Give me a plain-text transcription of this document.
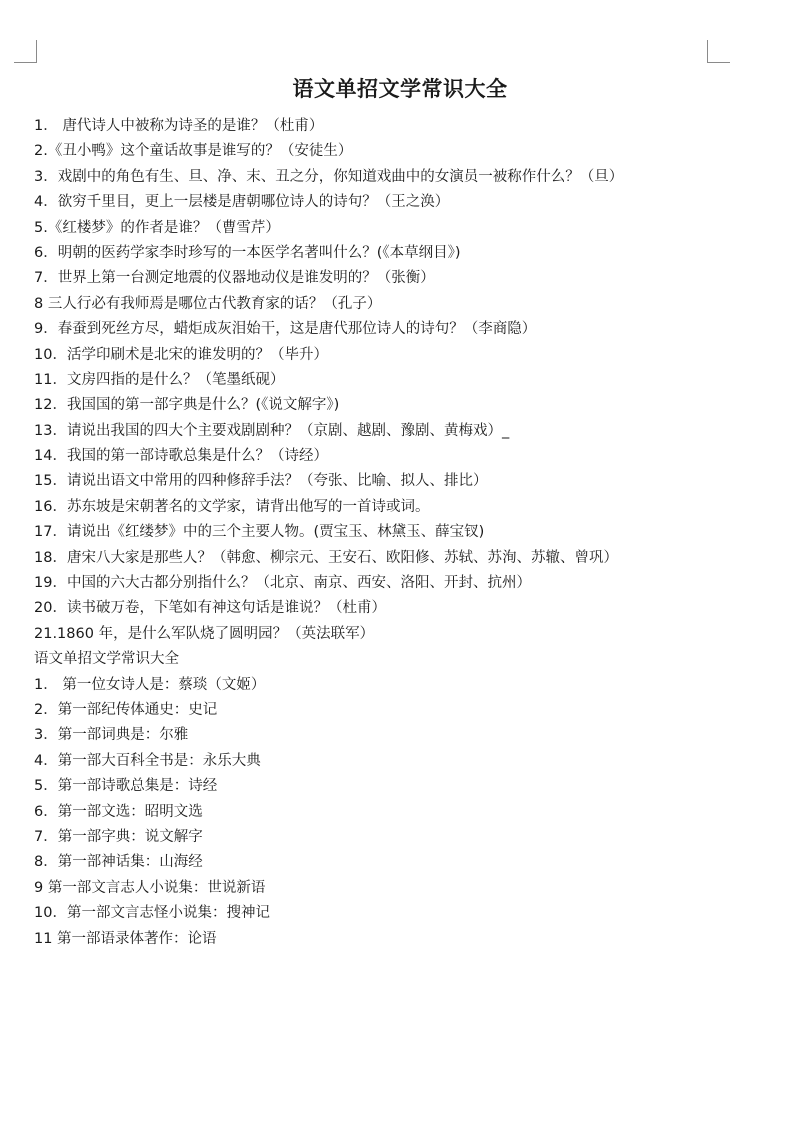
语文单招文学常识大全
1． 唐代诗人中被称为诗圣的是谁？（杜甫）
2.《丑小鸭》这个童话故事是谁写的？（安徒生）
3．戏剧中的角色有生、旦、净、末、丑之分，你知道戏曲中的女演员一被称作什么？（旦）
4．欲穷千里目，更上一层楼是唐朝哪位诗人的诗句？（王之涣）
5.《红楼梦》的作者是谁？（曹雪芹）
6．明朝的医药学家李时珍写的一本医学名著叫什么？(《本草纲目》)
7．世界上第一台测定地震的仪器地动仪是谁发明的？（张衡）
8 三人行必有我师焉是哪位古代教育家的话？（孔子）
9．春蚕到死丝方尽，蜡炬成灰泪始干，这是唐代那位诗人的诗句？（李商隐）
10．活学印刷术是北宋的谁发明的？（毕升）
11．文房四指的是什么？（笔墨纸砚）
12．我国国的第一部字典是什么？(《说文解字》)
13．请说出我国的四大个主要戏剧剧种？（京剧、越剧、豫剧、黄梅戏）_
14．我国的第一部诗歌总集是什么？（诗经）
15．请说出语文中常用的四种修辞手法？（夸张、比喻、拟人、排比）
16．苏东坡是宋朝著名的文学家，请背出他写的一首诗或词。
17．请说出《红缕梦》中的三个主要人物。(贾宝玉、林黛玉、薛宝钗)
18．唐宋八大家是那些人？（韩愈、柳宗元、王安石、欧阳修、苏轼、苏洵、苏辙、曾巩）
19．中国的六大古都分别指什么？（北京、南京、西安、洛阳、开封、抗州）
20．读书破万卷，下笔如有神这句话是谁说？（杜甫）
21.1860 年，是什么军队烧了圆明园？（英法联军）
语文单招文学常识大全
1． 第一位女诗人是：蔡琰（文姬）
2．第一部纪传体通史：史记
3．第一部词典是：尔雅
4．第一部大百科全书是：永乐大典
5．第一部诗歌总集是：诗经
6．第一部文选：昭明文选
7．第一部字典：说文解字
8．第一部神话集：山海经
9 第一部文言志人小说集：世说新语
10．第一部文言志怪小说集：搜神记
11 第一部语录体著作：论语
